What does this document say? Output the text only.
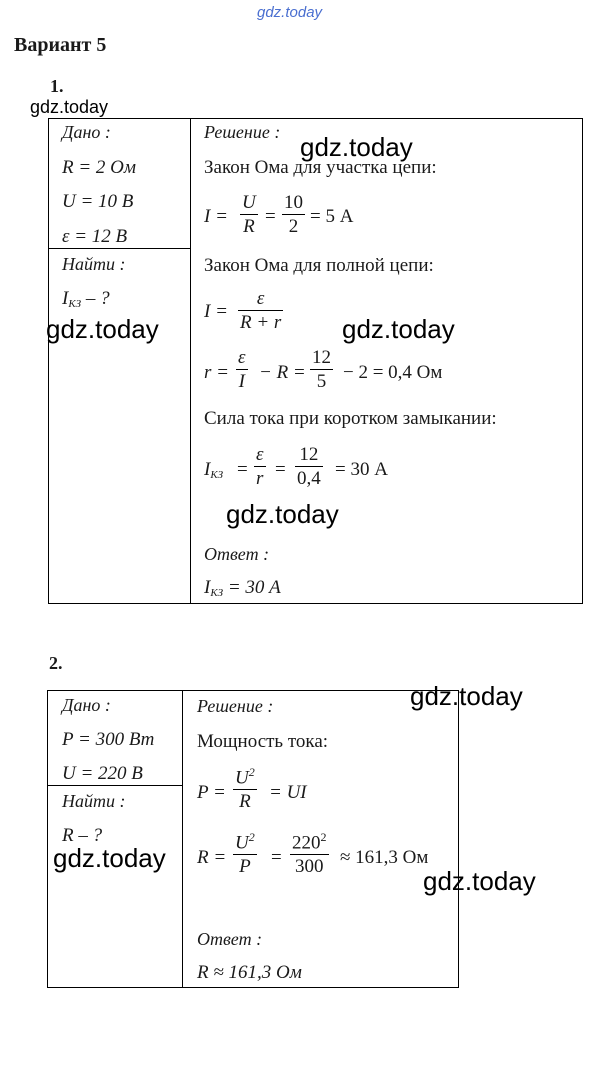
gdz.today
gdz.today
gdz.today
gdz.today	gdz.today
gdz.today
gdz.today
gdz.today
gdz.today
Вариант 5
1.
Дано :
R = 2 Ом
U = 10 В
ε = 12 В
Найти :
$I_{КЗ}$ – ?
Решение :
Закон Ома для участка цепи:
I =
U
R =
10
2 = 5 А
Закон Ома для полной цепи:
I =
ε
R + r
r =
ε
I − R =
12
5 − 2 = 0,4 Ом
Сила тока при коротком замыкании:
$I_{КЗ}$ =
ε
r =
12
0,4 = 30 А
Ответ :
$I_{КЗ} = 30$ А
2.
Дано :
P = 300 Вт
U = 220 В
Найти :
R – ?
Решение :
Мощность тока:
P =
$U^2$
R = UI
R =
$U^2$
P =
$220^2$
300 ≈ 161,3 Ом
Ответ :
R ≈ 161,3 Ом
